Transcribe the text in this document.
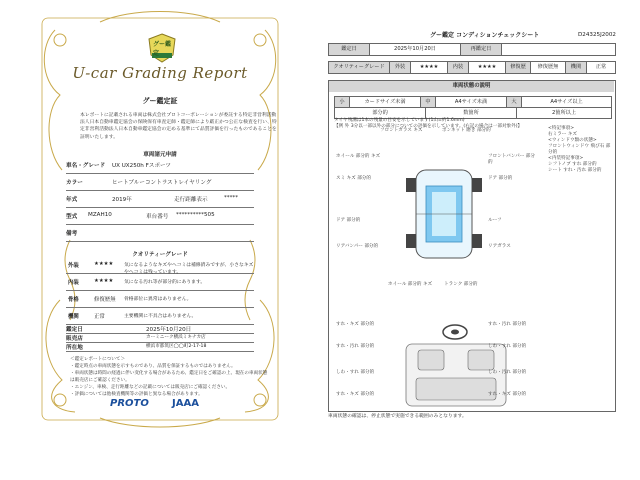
グー鑑定
U-car Grading Report
グー鑑定証
本レポートに記載される車両は株式会社プロトコーポレーションが委託する特定非営利活動法人日本自動車鑑定協会の保険保有車査定師・鑑定師により厳正かつ公正な検査を行い、特定非営利活動法人日本自動車鑑定協会の定める基準にて品質評価を行ったものであることを証明いたします。
車両諸元申請
車名・グレード UX UX250h Fスポーツ
カラー	ヒートブルーコントラストレイヤリング
年式	2019年	走行距離表示	*****
型式 MZAH10	車台番号 **********505
備考
クオリティーグレード
外装	★★★★ 気になるようなキズやヘコミは補修済みですが、小さなキズやヘコミは残っています。
内装	★★★★ 気になる汚れ等が部分的にあります。
骨格	修復歴無 骨格部位に異常はありません。
機関	正常	主要機関に不具合はありません。
鑑定日	2025年10月20日
販売店	カーミニーク横浜ミキナカ店
所在地	横浜市都筑区◯◯町2-17-18
＜鑑定レポートについて＞
・鑑定時点の車両状態を示すものであり、品質を保証するものではありません。
・車両状態は時間の経過に伴い変化する場合があるため、鑑定日をご確認の上、現在の車両状態は販売店にご確認ください。
・エンジン、車検、走行距離などの記載については販売店にご確認ください。
・評価については他検査機関等の評価と異なる場合があります。
PROTO JAAA
グー鑑定 コンディションチェックシート	D24325J2002
鑑定日	2025年10月20日	再鑑定日
クオリティーグレード	外装	★★★★	内装	★★★★	修復歴	修復歴無	機関	正常
車両状態の説明
小	カードサイズ未満	中	A4サイズ未満	大	A4サイズ以上
部分的	数箇所	2箇所以上
タイヤ残溝は1本の残量の目安を示しています(1山=約1.6mm)
【例 外 3分以一部以外の部分についての評価を示しています。(右記の場合は一部対象外)】
フロントガラス キズ	ボンネット 磨き 部分的
ホイール 部分的 キズ	フロントバンパー 部分的
スミ キズ 部分的	ドア 部分的
ドア 部分的	ルーフ
リアバンパー 部分的	リアガラス
ホイール 部分的 キズ	トランク 部分的
<特記事項>
右ミラー キズ
<ウィンドウ類の状態>
フロントウィンドウ 飛び石 部分的
<内装特記事項>
シフトノブ すれ 部分的
シート すれ・汚れ 部分的
すれ・キズ 部分的
すれ・汚れ 部分的
しわ・すれ 部分的
すれ・キズ 部分的
しわ・すれ 部分的
しわ・汚れ 部分的
すれ・キズ 部分的
すれ・汚れ 部分的
車両状態の確認は、停止状態で実施できる範囲のみとなります。
